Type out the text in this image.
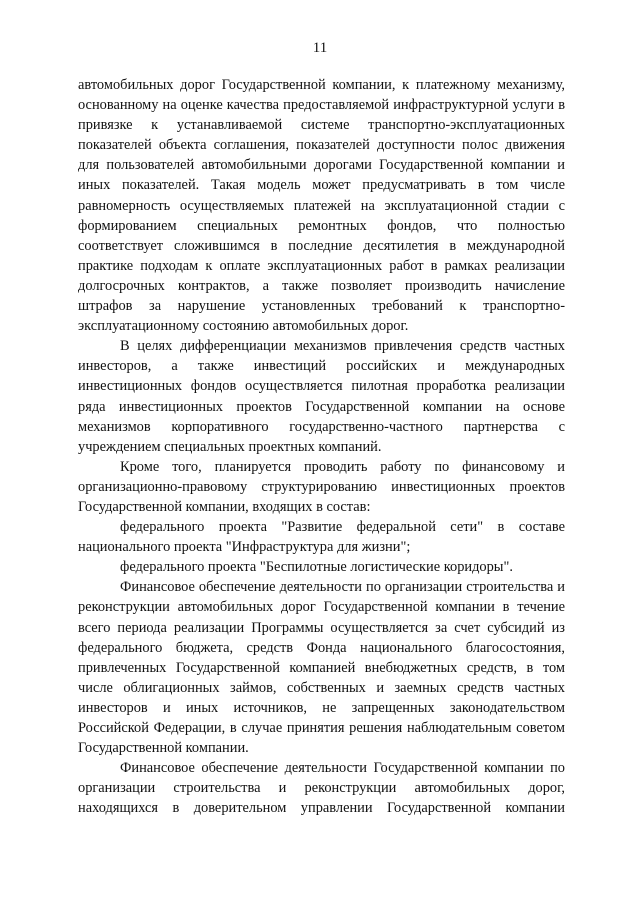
11

автомобильных дорог Государственной компании, к платежному механизму, основанному на оценке качества предоставляемой инфраструктурной услуги в привязке к устанавливаемой системе транспортно-эксплуатационных показателей объекта соглашения, показателей доступности полос движения для пользователей автомобильными дорогами Государственной компании и иных показателей. Такая модель может предусматривать в том числе равномерность осуществляемых платежей на эксплуатационной стадии с формированием специальных ремонтных фондов, что полностью соответствует сложившимся в последние десятилетия в международной практике подходам к оплате эксплуатационных работ в рамках реализации долгосрочных контрактов, а также позволяет производить начисление штрафов за нарушение установленных требований к транспортно-эксплуатационному состоянию автомобильных дорог.

В целях дифференциации механизмов привлечения средств частных инвесторов, а также инвестиций российских и международных инвестиционных фондов осуществляется пилотная проработка реализации ряда инвестиционных проектов Государственной компании на основе механизмов корпоративного государственно-частного партнерства с учреждением специальных проектных компаний.

Кроме того, планируется проводить работу по финансовому и организационно-правовому структурированию инвестиционных проектов Государственной компании, входящих в состав:

федерального проекта "Развитие федеральной сети" в составе национального проекта "Инфраструктура для жизни";

федерального проекта "Беспилотные логистические коридоры".

Финансовое обеспечение деятельности по организации строительства и реконструкции автомобильных дорог Государственной компании в течение всего периода реализации Программы осуществляется за счет субсидий из федерального бюджета, средств Фонда национального благосостояния, привлеченных Государственной компанией внебюджетных средств, в том числе облигационных займов, собственных и заемных средств частных инвесторов и иных источников, не запрещенных законодательством Российской Федерации, в случае принятия решения наблюдательным советом Государственной компании.

Финансовое обеспечение деятельности Государственной компании по организации строительства и реконструкции автомобильных дорог, находящихся в доверительном управлении Государственной компании
